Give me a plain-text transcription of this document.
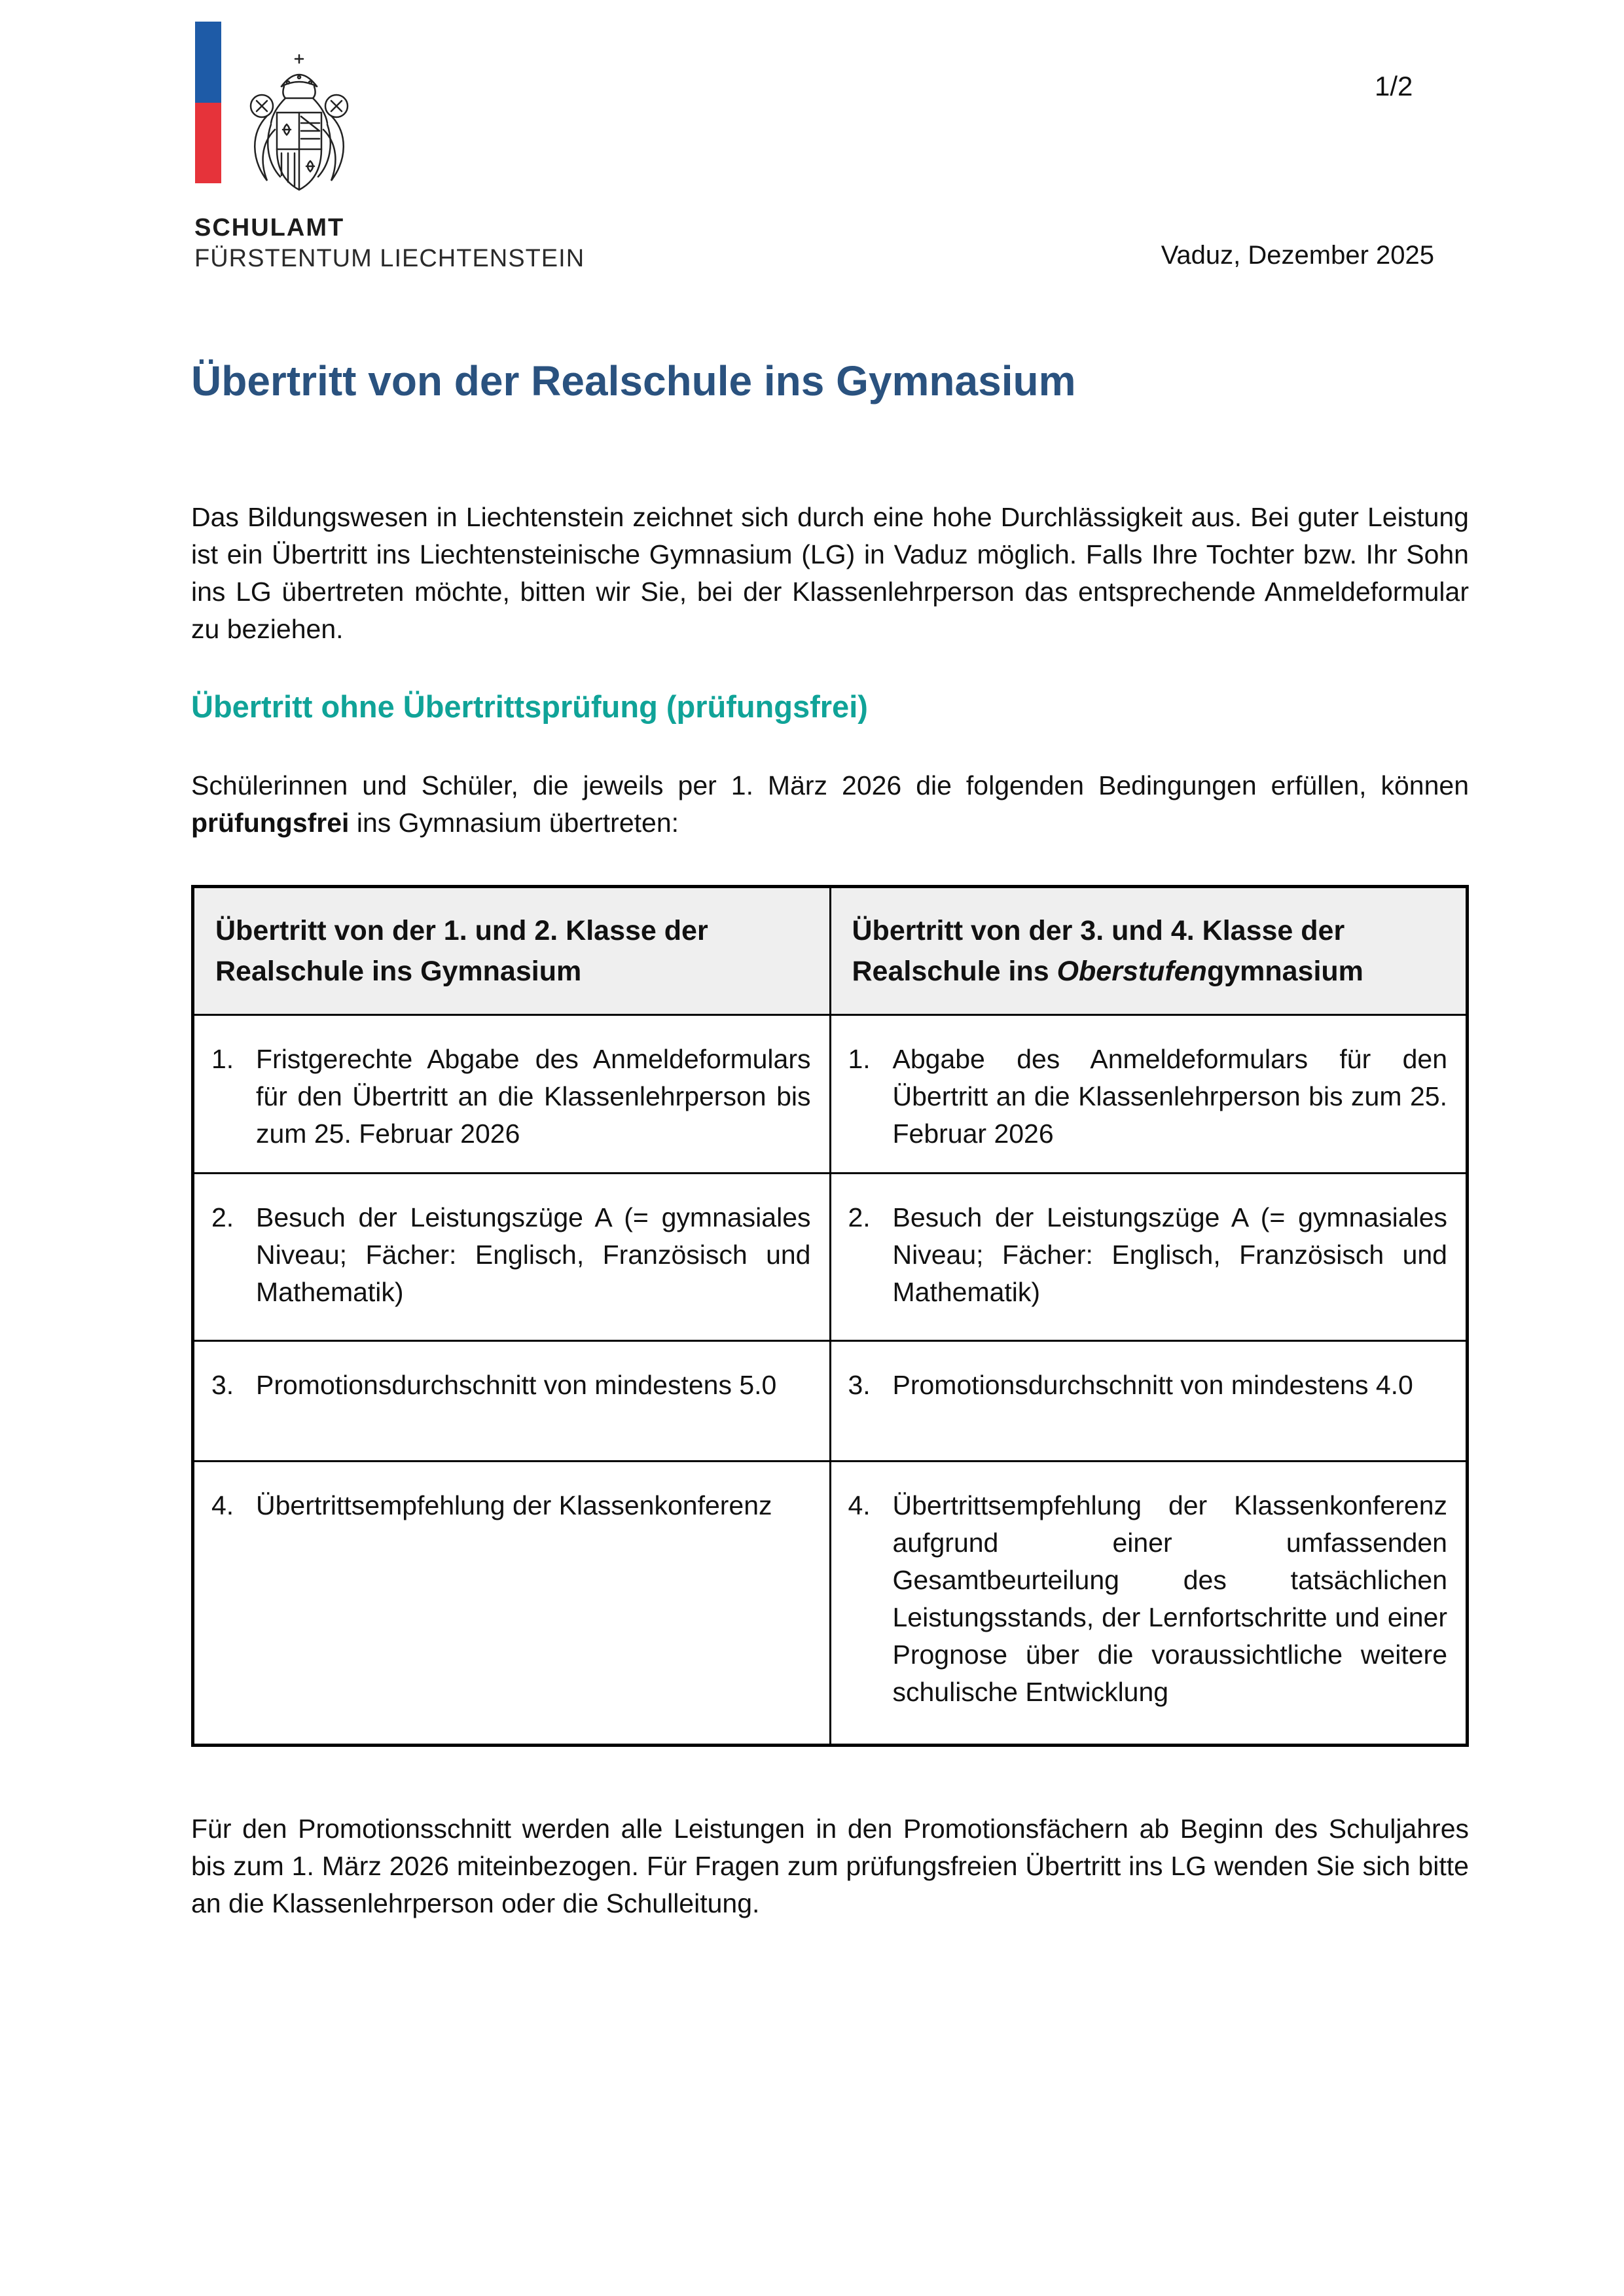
SCHULAMT
FÜRSTENTUM LIECHTENSTEIN
1/2
Vaduz, Dezember 2025
Übertritt von der Realschule ins Gymnasium

Das Bildungswesen in Liechtenstein zeichnet sich durch eine hohe Durchlässigkeit aus. Bei guter Leistung ist ein Übertritt ins Liechtensteinische Gymnasium (LG) in Vaduz möglich. Falls Ihre Tochter bzw. Ihr Sohn ins LG übertreten möchte, bitten wir Sie, bei der Klassenlehrperson das entsprechende Anmeldeformular zu beziehen.

Übertritt ohne Übertrittsprüfung (prüfungsfrei)

Schülerinnen und Schüler, die jeweils per 1. März 2026 die folgenden Bedingungen erfüllen, können prüfungsfrei ins Gymnasium übertreten:

Übertritt von der 1. und 2. Klasse der Realschule ins Gymnasium	Übertritt von der 3. und 4. Klasse der Realschule ins Oberstufengymnasium

1. Fristgerechte Abgabe des Anmeldeformulars für den Übertritt an die Klassenlehrperson bis zum 25. Februar 2026	1. Abgabe des Anmeldeformulars für den Übertritt an die Klassenlehrperson bis zum 25. Februar 2026

2. Besuch der Leistungszüge A (= gymnasiales Niveau; Fächer: Englisch, Französisch und Mathematik)	2. Besuch der Leistungszüge A (= gymnasiales Niveau; Fächer: Englisch, Französisch und Mathematik)

3. Promotionsdurchschnitt von mindestens 5.0	3. Promotionsdurchschnitt von mindestens 4.0

4. Übertrittsempfehlung der Klassenkonferenz	4. Übertrittsempfehlung der Klassenkonferenz aufgrund einer umfassenden Gesamtbeurteilung des tatsächlichen Leistungsstands, der Lernfortschritte und einer Prognose über die voraussichtliche weitere schulische Entwicklung

Für den Promotionsschnitt werden alle Leistungen in den Promotionsfächern ab Beginn des Schuljahres bis zum 1. März 2026 miteinbezogen. Für Fragen zum prüfungsfreien Übertritt ins LG wenden Sie sich bitte an die Klassenlehrperson oder die Schulleitung.
